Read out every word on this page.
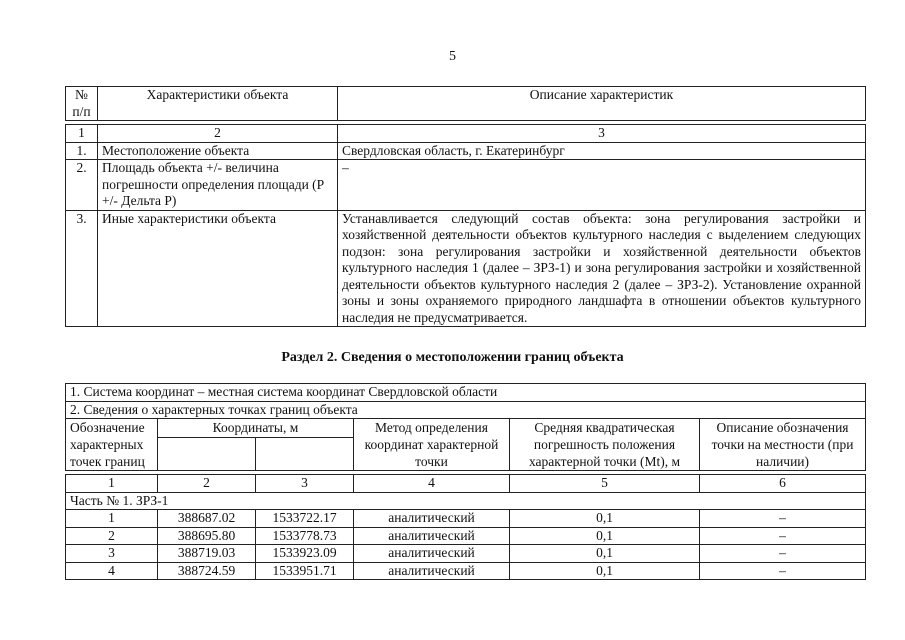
5
№ п/п	Характеристики объекта	Описание характеристик

1	2	3
1.	Местоположение объекта	Свердловская область, г. Екатеринбург
2.	Площадь объекта +/- величина погрешности определения площади (Р +/- Дельта Р)	–
3.	Иные характеристики объекта	Устанавливается следующий состав объекта: зона регулирования застройки и хозяйственной деятельности объектов культурного наследия с выделением следующих подзон: зона регулирования застройки и хозяйственной деятельности объектов культурного наследия 1 (далее – ЗРЗ-1) и зона регулирования застройки и хозяйственной деятельности объектов культурного наследия 2 (далее – ЗРЗ-2). Установление охранной зоны и зоны охраняемого природного ландшафта в отношении объектов культурного наследия не предусматривается.
Раздел 2. Сведения о местоположении границ объекта
1. Система координат – местная система координат Свердловской области					
2. Сведения о характерных точках границ объекта					
Обозначение характерных точек границ	Координаты, м		Метод определения координат характерной точки	Средняя квадратическая погрешность положения характерной точки (Мt), м	Описание обозначения точки на местности (при наличии)

1	2	3	4	5	6
Часть № 1. ЗРЗ-1					
1	388687.02	1533722.17	аналитический	0,1	–
2	388695.80	1533778.73	аналитический	0,1	–
3	388719.03	1533923.09	аналитический	0,1	–
4	388724.59	1533951.71	аналитический	0,1	–
